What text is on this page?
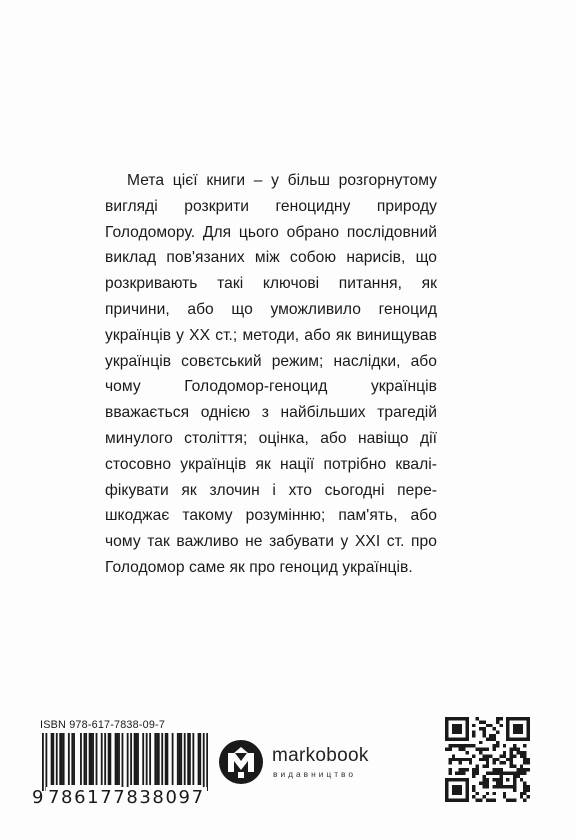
Мета цієї книги – у більш розгорнутому вигляді розкрити геноцидну природу Голодомору. Для цього обрано послідовний виклад пов'язаних між собою нарисів, що розкривають такі ключові питання, як причини, або що уможливило геноцид українців у ХХ ст.; методи, або як винищував українців совєтський режим; наслідки, або чому Голодомор-геноцид українців вважається однією з найбільших трагедій минулого століття; оцінка, або навіщо дії стосовно українців як нації потрібно кваліфікувати як злочин і хто сьогодні перешкоджає такому розумінню; пам'ять, або чому так важливо не забувати у ХХІ ст. про Голодомор саме як про геноцид українців.

ISBN 978-617-7838-09-7
9 786177838097
markobook
видавництво
